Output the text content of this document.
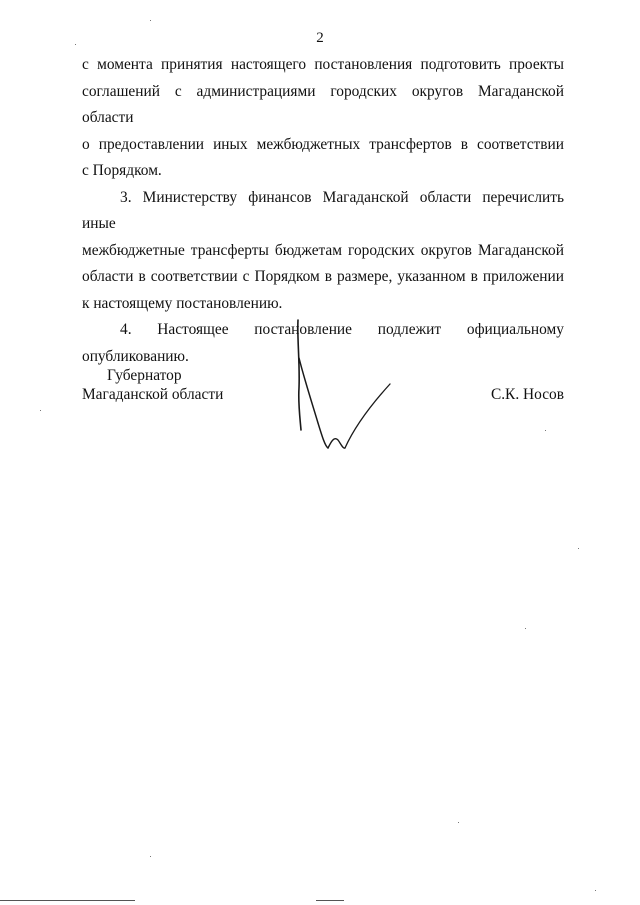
2

с момента принятия настоящего постановления подготовить проекты
соглашений с администрациями городских округов Магаданской области
о предоставлении иных межбюджетных трансфертов в соответствии
с Порядком.

3. Министерству финансов Магаданской области перечислить иные
межбюджетные трансферты бюджетам городских округов Магаданской
области в соответствии с Порядком в размере, указанном в приложении
к настоящему постановлению.

4. Настоящее постановление подлежит официальному
опубликованию.

Губернатор
Магаданской области	С.К. Носов
